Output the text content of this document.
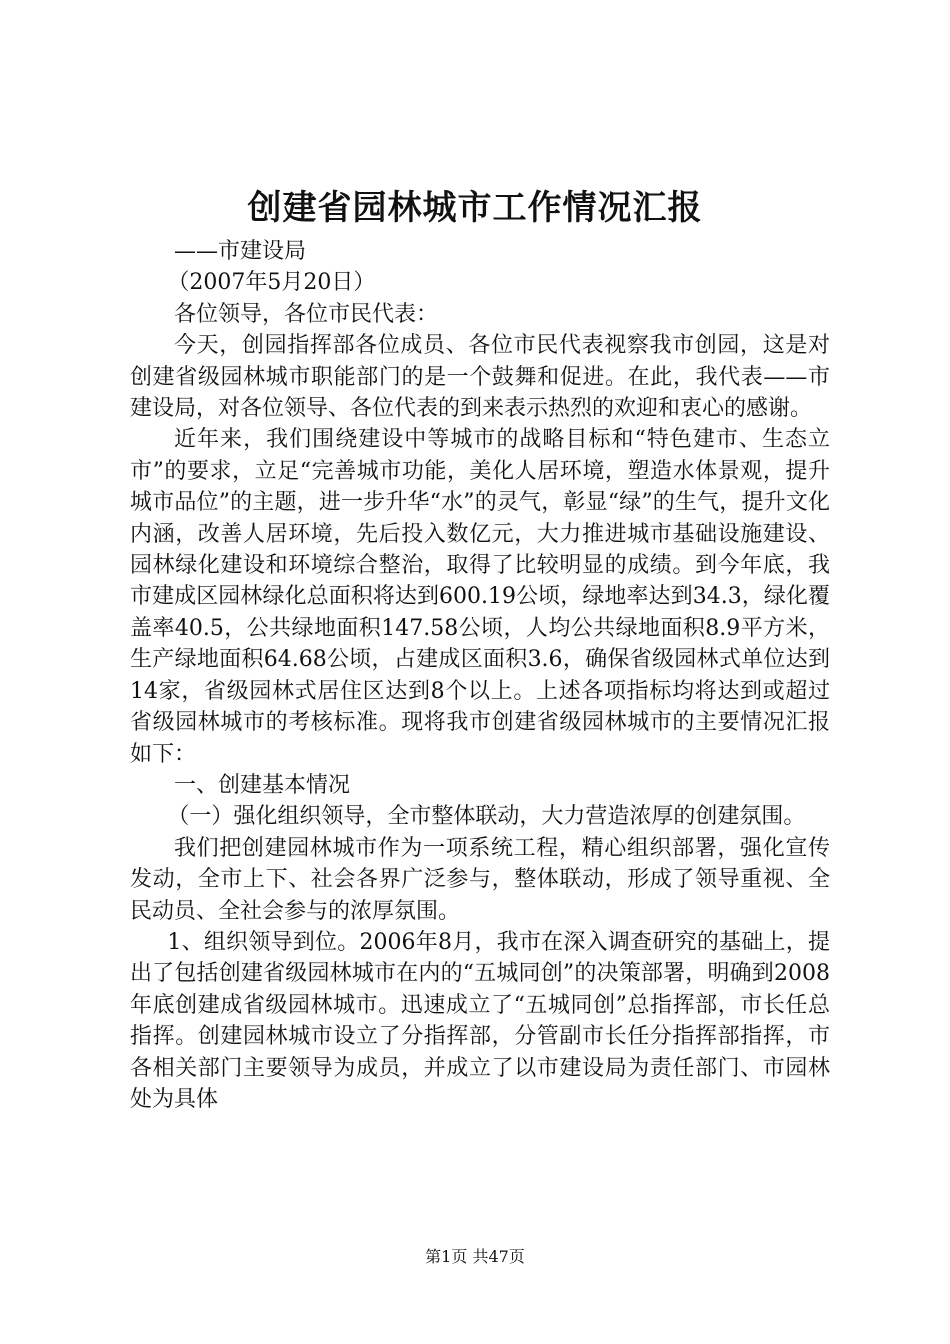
创建省园林城市工作情况汇报

——市建设局

（2007年5月20日）

各位领导，各位市民代表：

今天，创园指挥部各位成员、各位市民代表视察我市创园，这是对创建省级园林城市职能部门的是一个鼓舞和促进。在此，我代表——市建设局，对各位领导、各位代表的到来表示热烈的欢迎和衷心的感谢。

近年来，我们围绕建设中等城市的战略目标和“特色建市、生态立市”的要求，立足“完善城市功能，美化人居环境，塑造水体景观，提升城市品位”的主题，进一步升华“水”的灵气，彰显“绿”的生气，提升文化内涵，改善人居环境，先后投入数亿元，大力推进城市基础设施建设、园林绿化建设和环境综合整治，取得了比较明显的成绩。到今年底，我市建成区园林绿化总面积将达到600.19公顷，绿地率达到34.3，绿化覆盖率40.5，公共绿地面积147.58公顷，人均公共绿地面积8.9平方米，生产绿地面积64.68公顷，占建成区面积3.6，确保省级园林式单位达到14家，省级园林式居住区达到8个以上。上述各项指标均将达到或超过省级园林城市的考核标准。现将我市创建省级园林城市的主要情况汇报如下：

一、创建基本情况

（一）强化组织领导，全市整体联动，大力营造浓厚的创建氛围。

我们把创建园林城市作为一项系统工程，精心组织部署，强化宣传发动，全市上下、社会各界广泛参与，整体联动，形成了领导重视、全民动员、全社会参与的浓厚氛围。

1、组织领导到位。2006年8月，我市在深入调查研究的基础上，提出了包括创建省级园林城市在内的“五城同创”的决策部署，明确到2008年底创建成省级园林城市。迅速成立了“五城同创”总指挥部，市长任总指挥。创建园林城市设立了分指挥部，分管副市长任分指挥部指挥，市各相关部门主要领导为成员，并成立了以市建设局为责任部门、市园林处为具体

第1页 共47页
